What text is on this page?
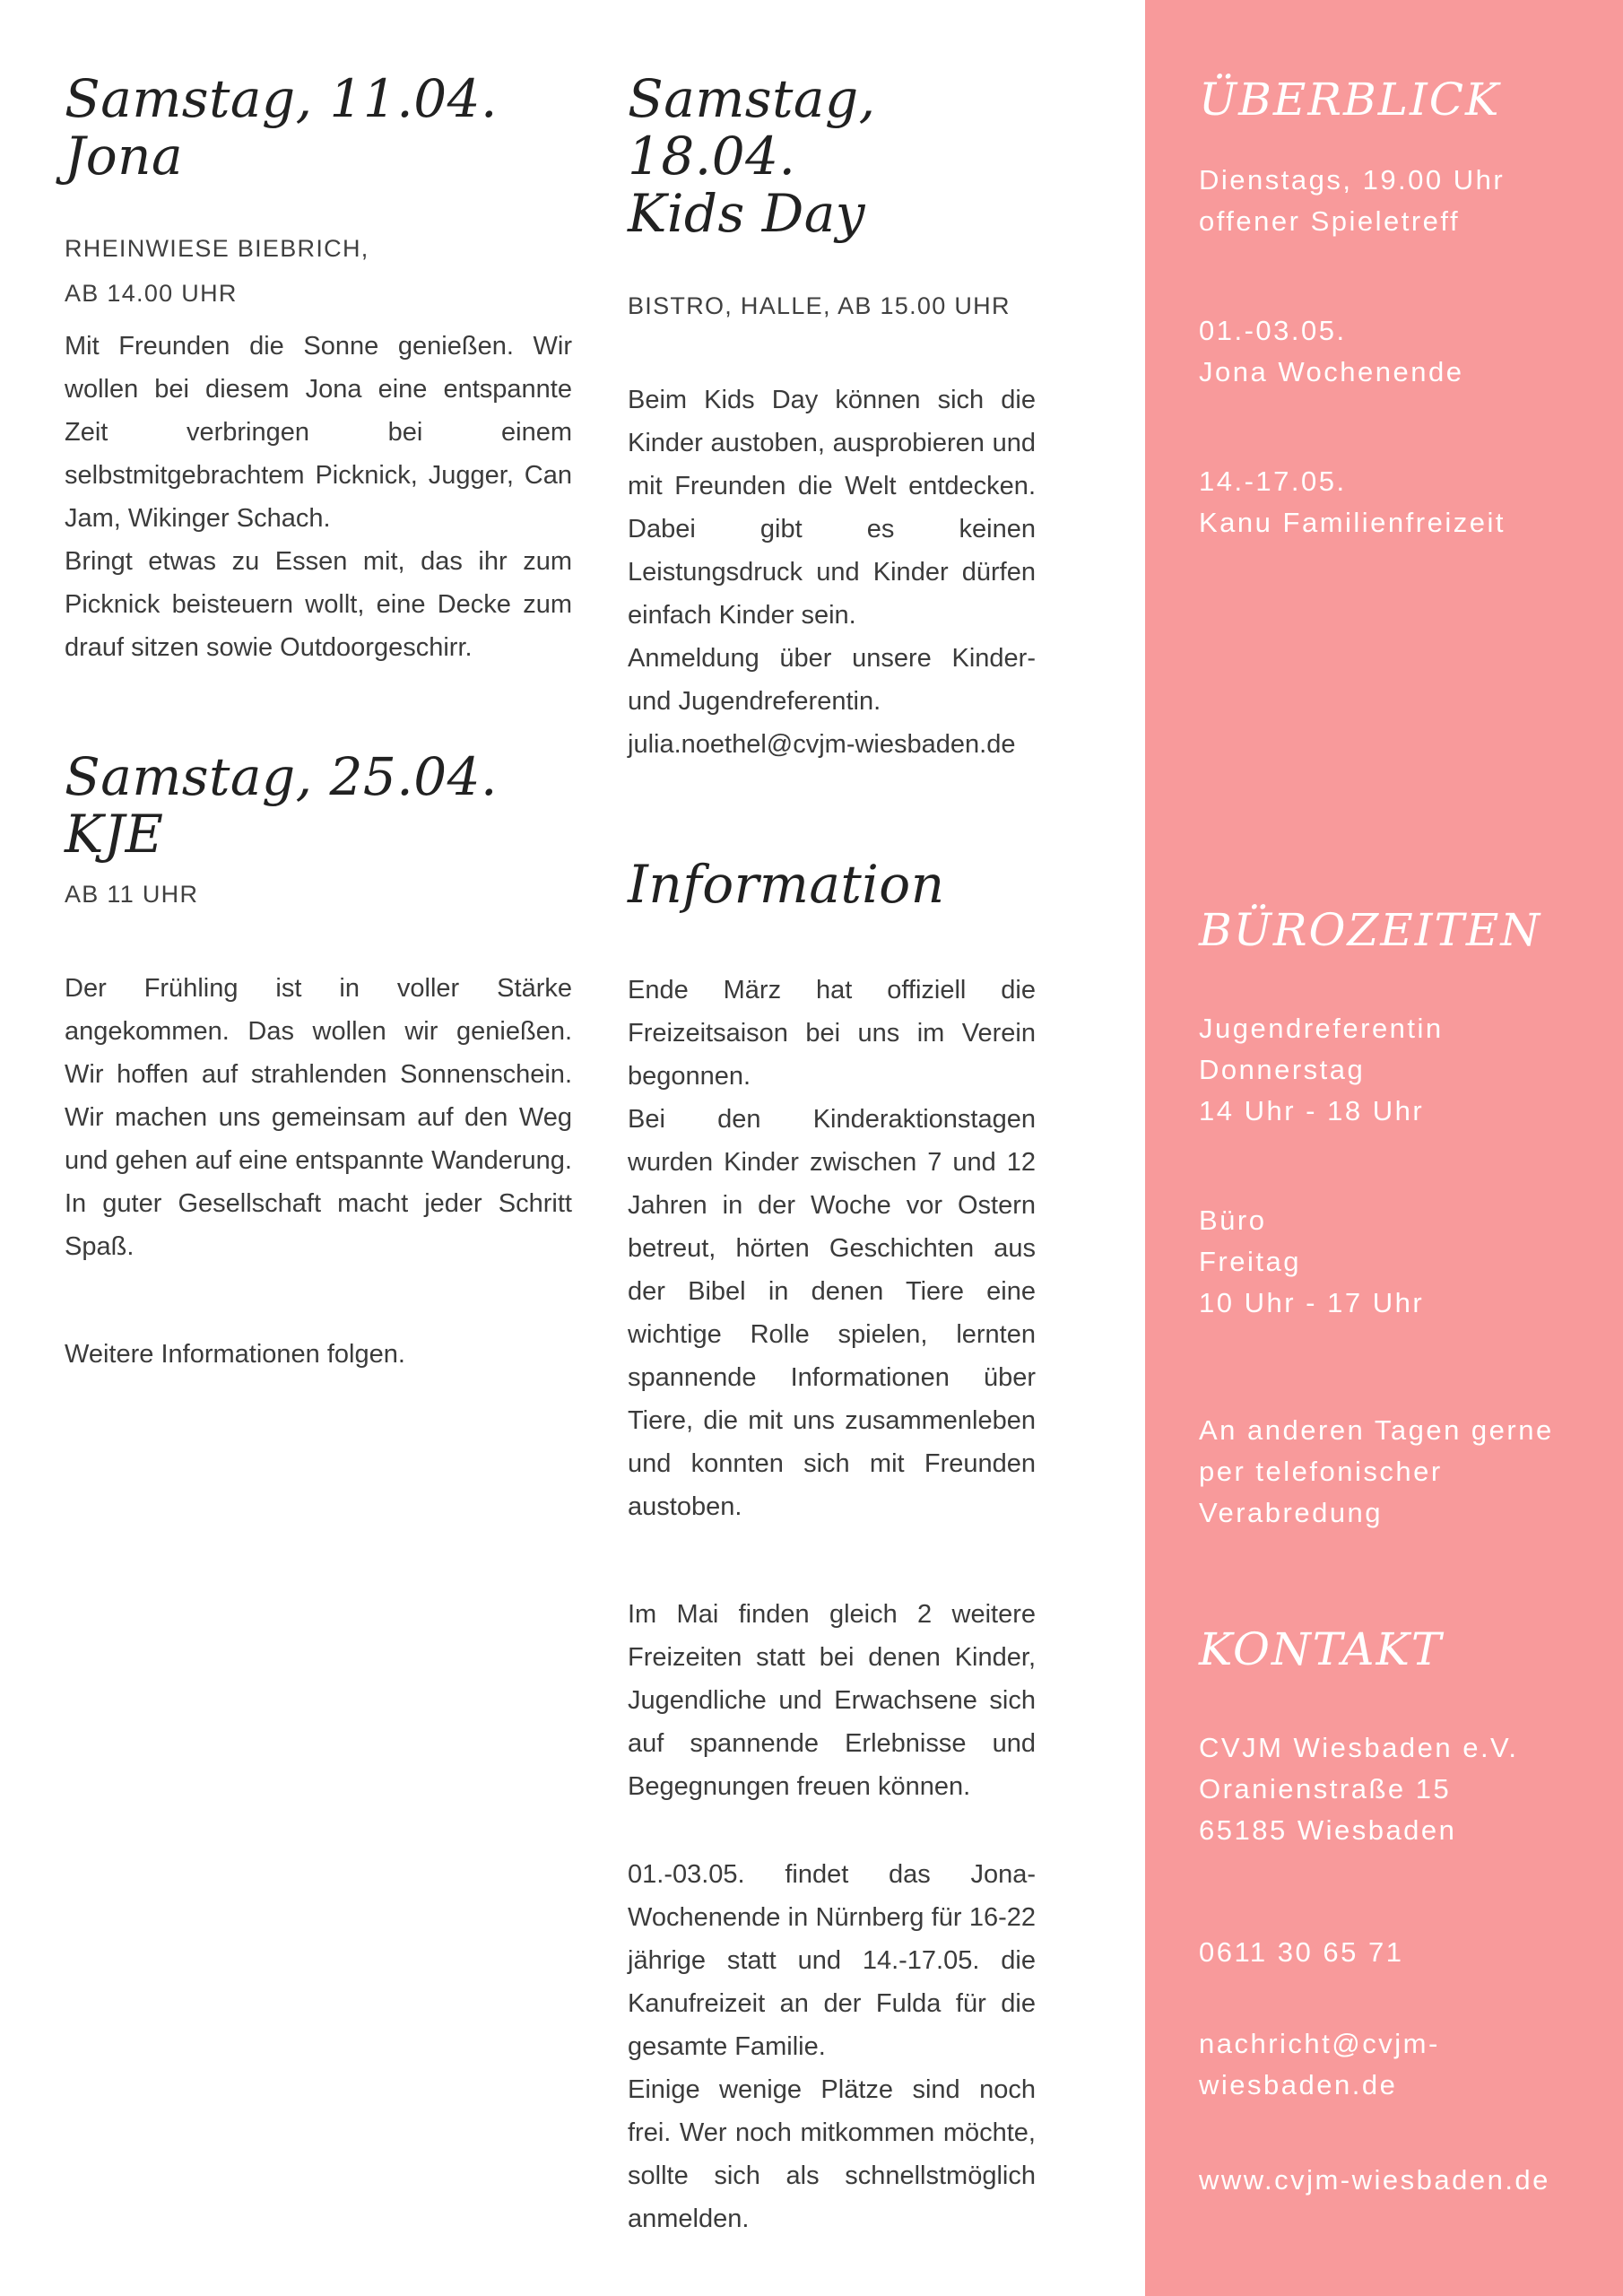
Samstag, 11.04.
Jona
RHEINWIESE BIEBRICH,
AB 14.00 UHR

Mit Freunden die Sonne genießen. Wir wollen bei diesem Jona eine entspannte Zeit verbringen bei einem selbstmitgebrachtem Picknick, Jugger, Can Jam, Wikinger Schach.

Bringt etwas zu Essen mit, das ihr zum Picknick beisteuern wollt, eine Decke zum drauf sitzen sowie Outdoorgeschirr.

Samstag, 25.04.
KJE
AB 11 UHR

Der Frühling ist in voller Stärke angekommen. Das wollen wir genießen. Wir hoffen auf strahlenden Sonnenschein. Wir machen uns gemeinsam auf den Weg und gehen auf eine entspannte Wanderung. In guter Gesellschaft macht jeder Schritt Spaß.

Weitere Informationen folgen.

Samstag, 18.04.
Kids Day
BISTRO, HALLE, AB 15.00 UHR

Beim Kids Day können sich die Kinder austoben, ausprobieren und mit Freunden die Welt entdecken. Dabei gibt es keinen Leistungsdruck und Kinder dürfen einfach Kinder sein.

Anmeldung über unsere Kinder- und Jugendreferentin.

julia.noethel@cvjm-wiesbaden.de

Information

Ende März hat offiziell die Freizeitsaison bei uns im Verein begonnen.

Bei den Kinderaktionstagen wurden Kinder zwischen 7 und 12 Jahren in der Woche vor Ostern betreut, hörten Geschichten aus der Bibel in denen Tiere eine wichtige Rolle spielen, lernten spannende Informationen über Tiere, die mit uns zusammenleben und konnten sich mit Freunden austoben.

Im Mai finden gleich 2 weitere Freizeiten statt bei denen Kinder, Jugendliche und Erwachsene sich auf spannende Erlebnisse und Begegnungen freuen können.

01.-03.05. findet das Jona-Wochenende in Nürnberg für 16-22 jährige statt und 14.-17.05. die Kanufreizeit an der Fulda für die gesamte Familie.

Einige wenige Plätze sind noch frei. Wer noch mitkommen möchte, sollte sich als schnellstmöglich anmelden.

ÜBERBLICK
Dienstags, 19.00 Uhr
offener Spieletreff
01.-03.05.
Jona Wochenende
14.-17.05.
Kanu Familienfreizeit
BÜROZEITEN
Jugendreferentin
Donnerstag
14 Uhr - 18 Uhr
Büro
Freitag
10 Uhr - 17 Uhr
An anderen Tagen gerne
per telefonischer
Verabredung
KONTAKT
CVJM Wiesbaden e.V.
Oranienstraße 15
65185 Wiesbaden
0611 30 65 71
nachricht@cvjm-wiesbaden.de
www.cvjm-wiesbaden.de
